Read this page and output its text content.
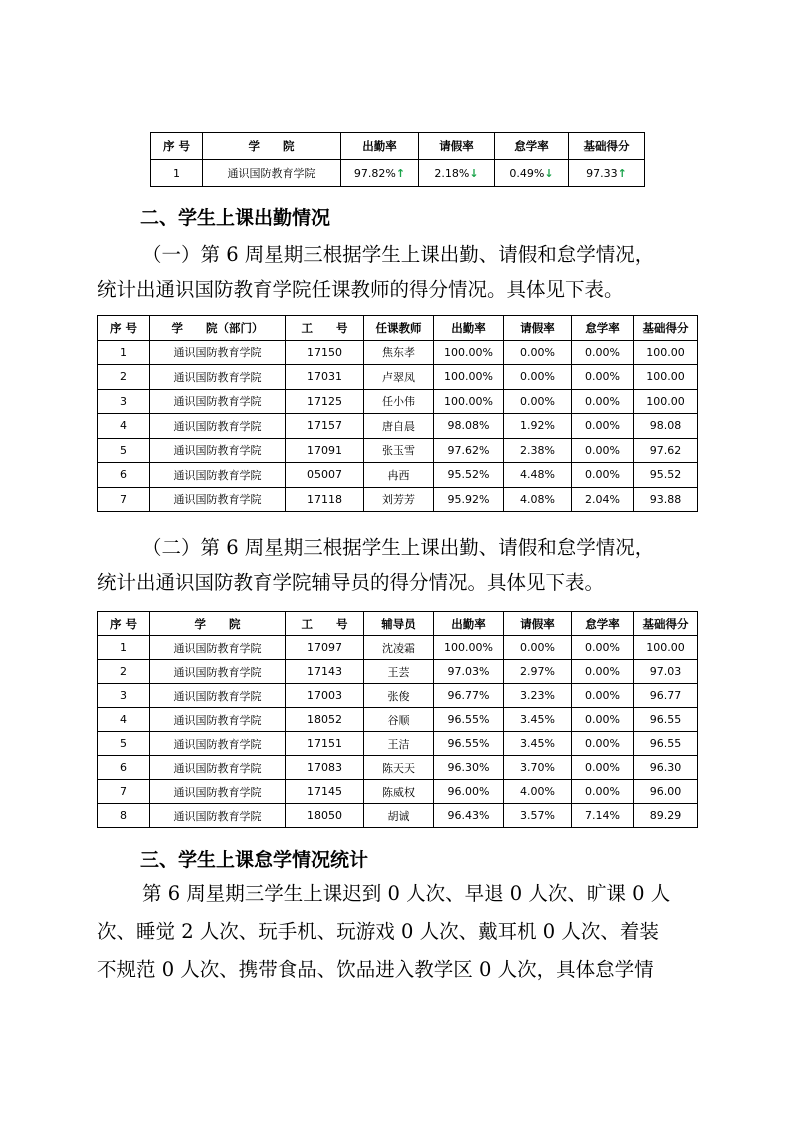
序 号	学　　院	出勤率	请假率	怠学率	基础得分
1	通识国防教育学院	97.82%↑	2.18%↓	0.49%↓	97.33↑
二、学生上课出勤情况
（一）第 6 周星期三根据学生上课出勤、请假和怠学情况，
统计出通识国防教育学院任课教师的得分情况。具体见下表。
序 号	学　　院（部门）	工　　号	任课教师	出勤率	请假率	怠学率	基础得分
1	通识国防教育学院	17150	焦东孝	100.00%	0.00%	0.00%	100.00
2	通识国防教育学院	17031	卢翠凤	100.00%	0.00%	0.00%	100.00
3	通识国防教育学院	17125	任小伟	100.00%	0.00%	0.00%	100.00
4	通识国防教育学院	17157	唐自晨	98.08%	1.92%	0.00%	98.08
5	通识国防教育学院	17091	张玉雪	97.62%	2.38%	0.00%	97.62
6	通识国防教育学院	05007	冉西	95.52%	4.48%	0.00%	95.52
7	通识国防教育学院	17118	刘芳芳	95.92%	4.08%	2.04%	93.88
（二）第 6 周星期三根据学生上课出勤、请假和怠学情况，
统计出通识国防教育学院辅导员的得分情况。具体见下表。
序 号	学　　院	工　　号	辅导员	出勤率	请假率	怠学率	基础得分
1	通识国防教育学院	17097	沈凌霜	100.00%	0.00%	0.00%	100.00
2	通识国防教育学院	17143	王芸	97.03%	2.97%	0.00%	97.03
3	通识国防教育学院	17003	张俊	96.77%	3.23%	0.00%	96.77
4	通识国防教育学院	18052	谷顺	96.55%	3.45%	0.00%	96.55
5	通识国防教育学院	17151	王洁	96.55%	3.45%	0.00%	96.55
6	通识国防教育学院	17083	陈天天	96.30%	3.70%	0.00%	96.30
7	通识国防教育学院	17145	陈威权	96.00%	4.00%	0.00%	96.00
8	通识国防教育学院	18050	胡诚	96.43%	3.57%	7.14%	89.29
三、学生上课怠学情况统计
第 6 周星期三学生上课迟到 0 人次、早退 0 人次、旷课 0 人
次、睡觉 2 人次、玩手机、玩游戏 0 人次、戴耳机 0 人次、着装
不规范 0 人次、携带食品、饮品进入教学区 0 人次，具体怠学情
